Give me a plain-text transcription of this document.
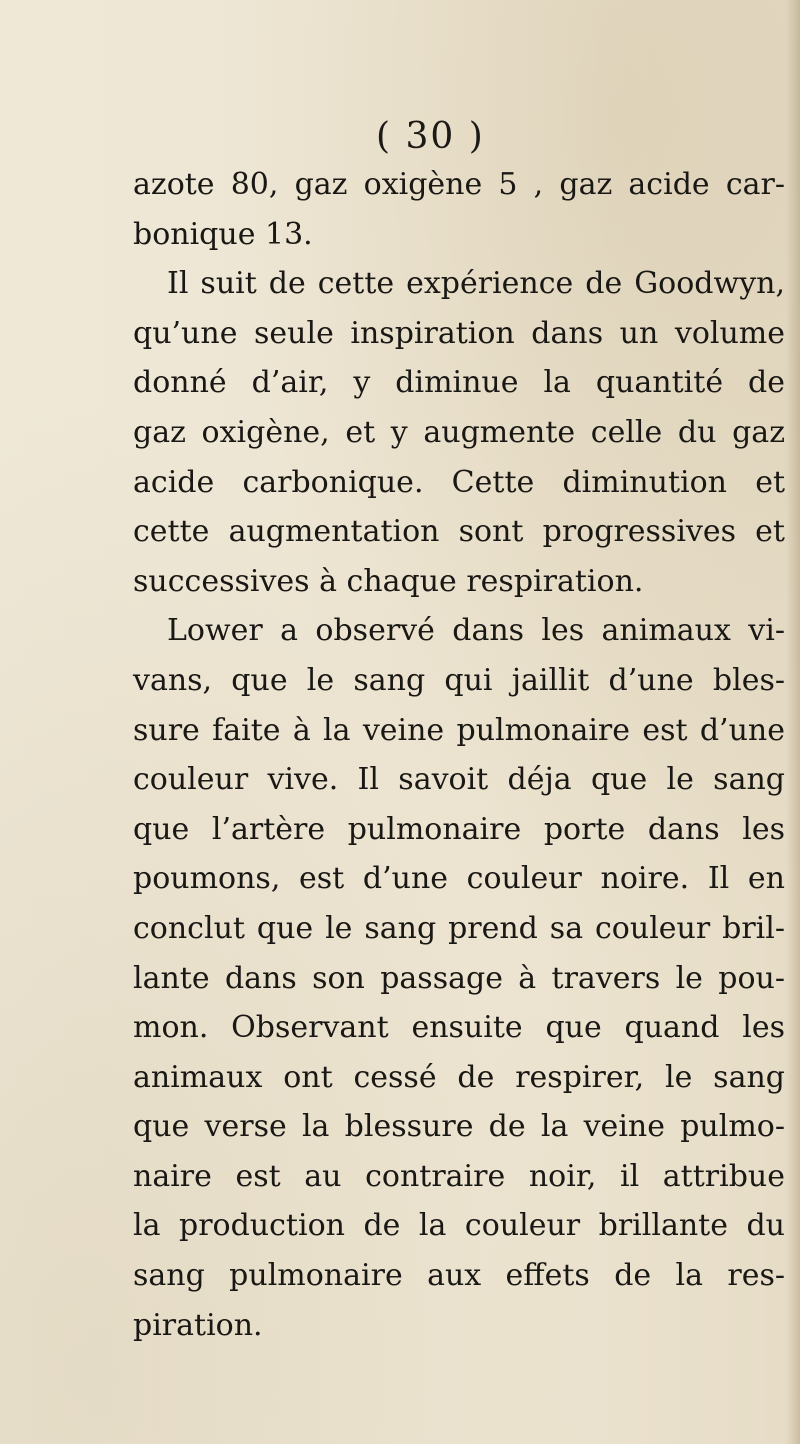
( 30 )
azote 80, gaz oxigène 5 , gaz acide car-
bonique 13.
Il suit de cette expérience de Goodwyn,
qu’une seule inspiration dans un volume
donné d’air, y diminue la quantité de
gaz oxigène, et y augmente celle du gaz
acide carbonique. Cette diminution et
cette augmentation sont progressives et
successives à chaque respiration.
Lower a observé dans les animaux vi-
vans, que le sang qui jaillit d’une bles-
sure faite à la veine pulmonaire est d’une
couleur vive. Il savoit déja que le sang
que l’artère pulmonaire porte dans les
poumons, est d’une couleur noire. Il en
conclut que le sang prend sa couleur bril-
lante dans son passage à travers le pou-
mon. Observant ensuite que quand les
animaux ont cessé de respirer, le sang
que verse la blessure de la veine pulmo-
naire est au contraire noir, il attribue
la production de la couleur brillante du
sang pulmonaire aux effets de la res-
piration.
